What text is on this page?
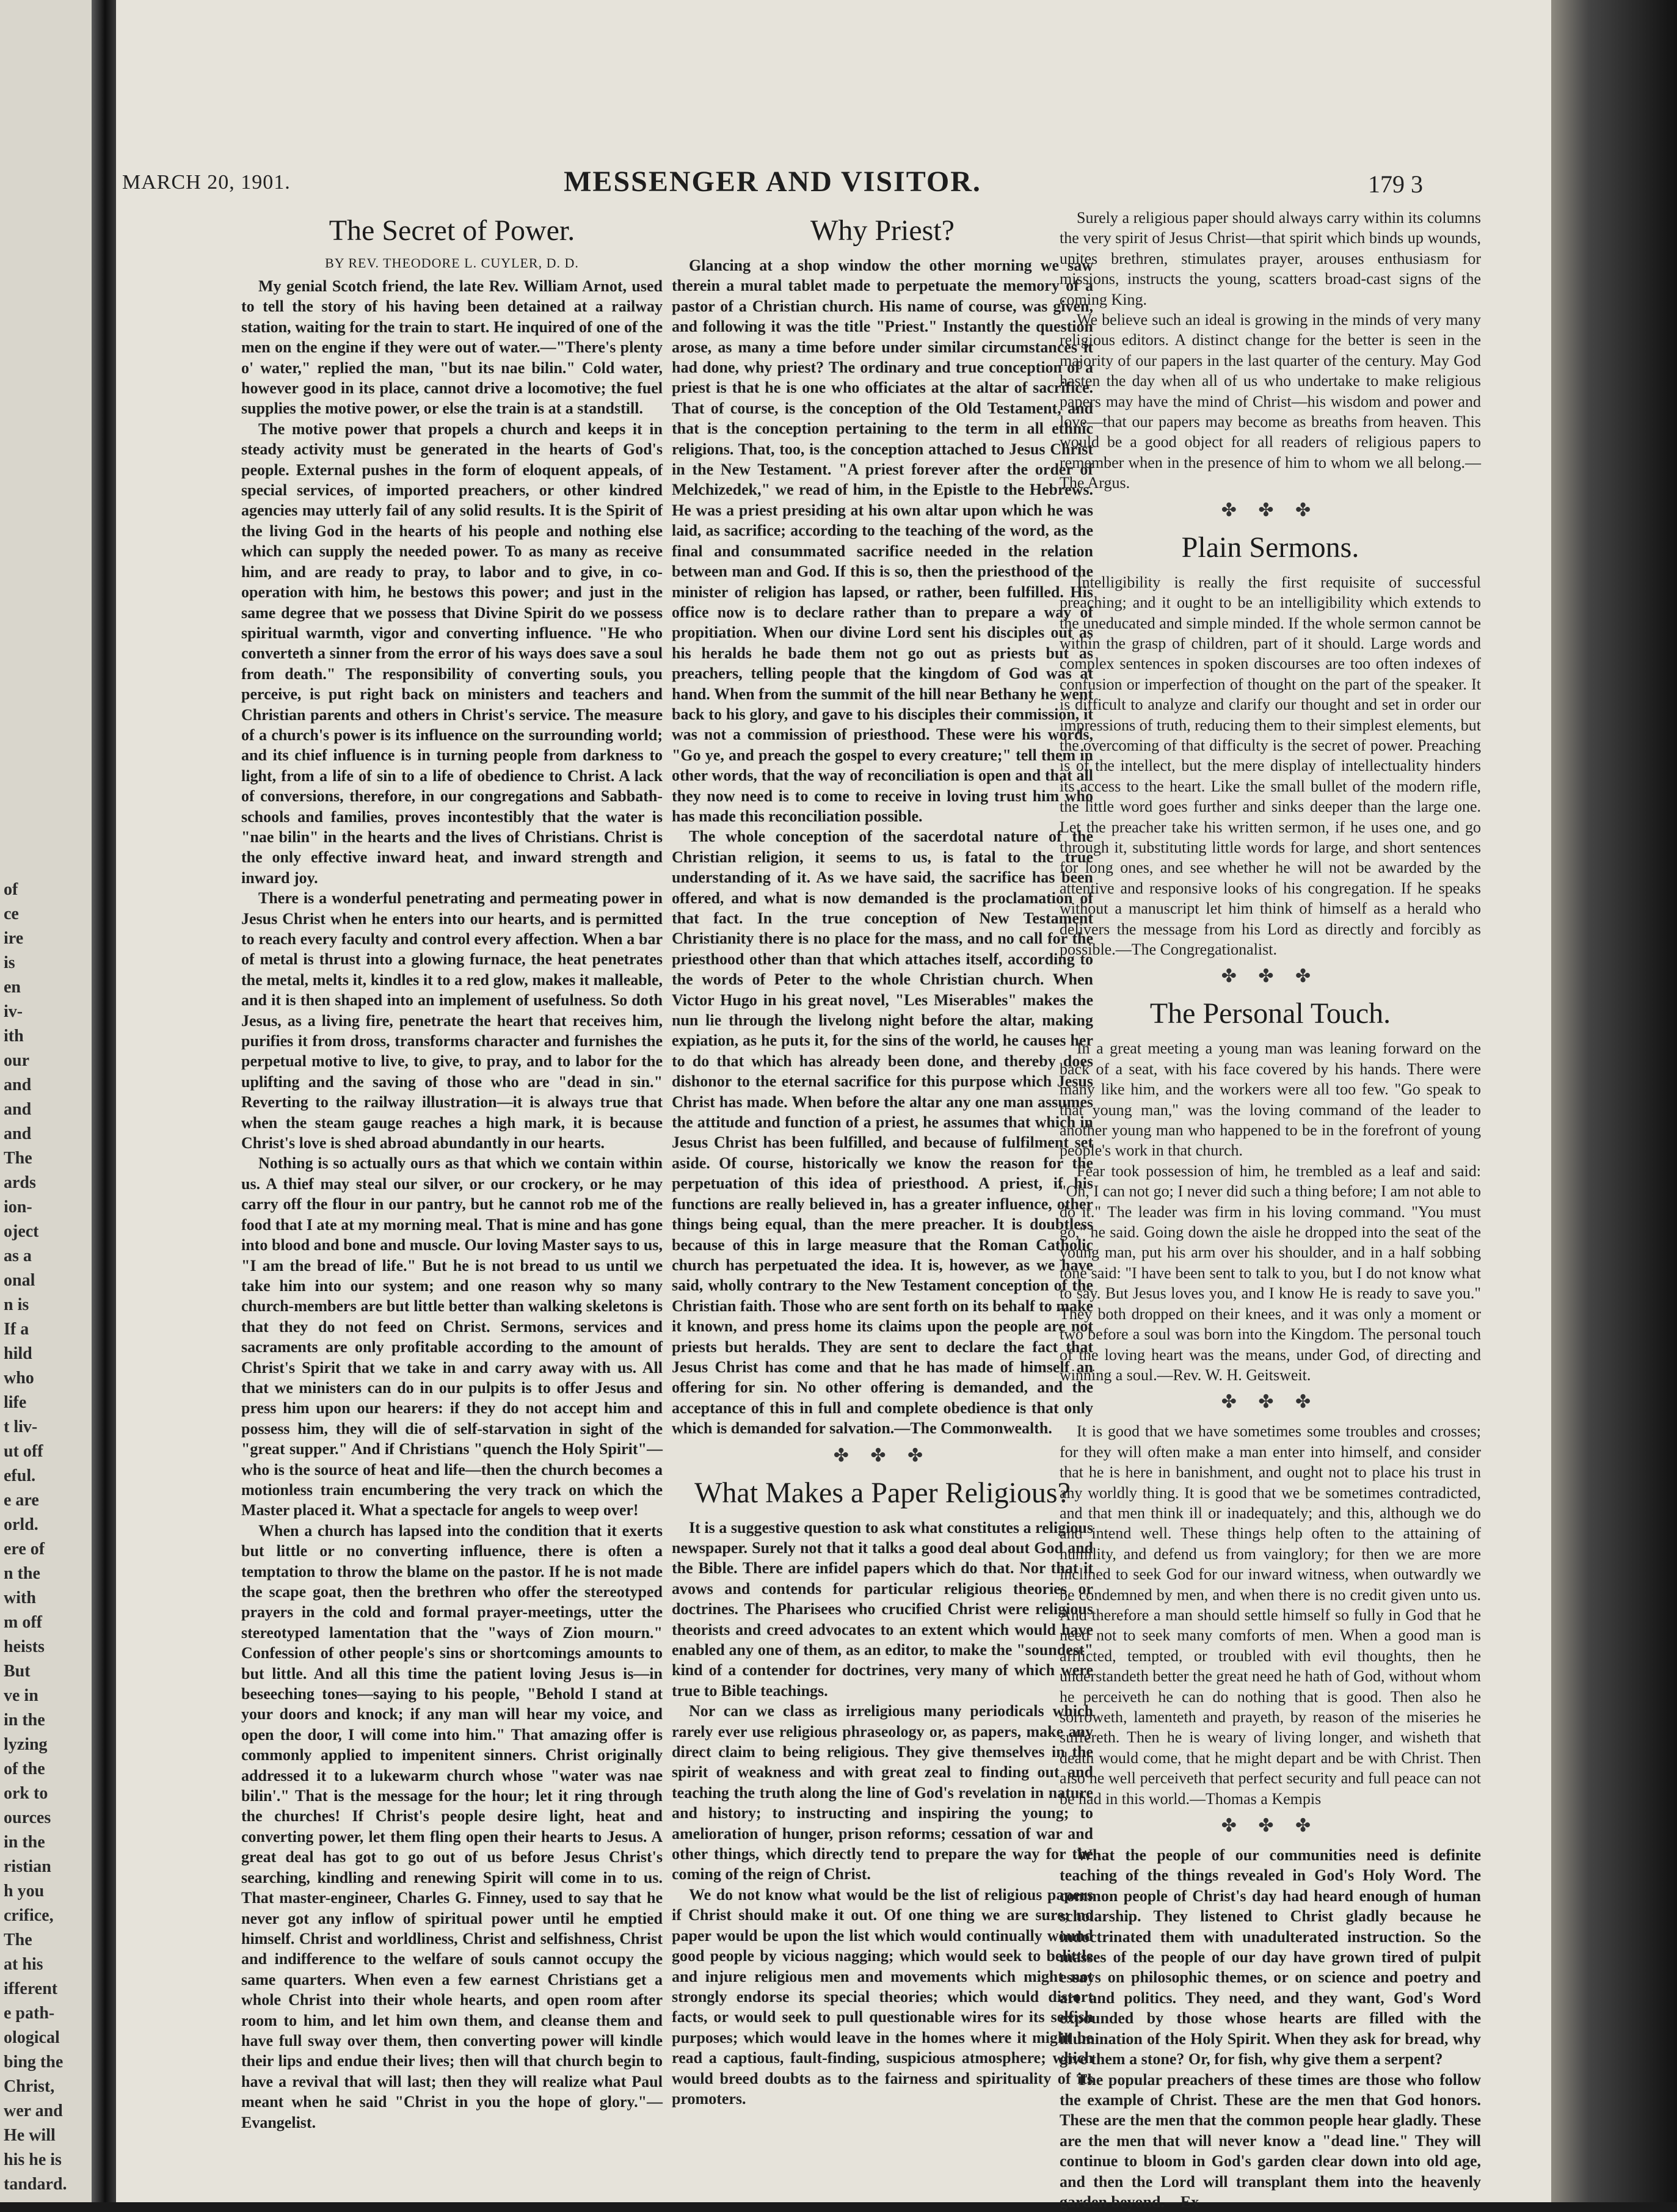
of
ce
ire
is
en
iv-
ith
our
and
and
and
The
ards
ion-
oject
as a
onal
n is
If a
hild
who
life
t liv-
ut off
eful.
e are
orld.
ere of
n the
with
m off
heists
But
ve in
in the
lyzing
of the
ork to
ources
in the
ristian
h you
crifice,
The
at his
ifferent
e path-
ological
bing the
Christ,
wer and
He will
his he is
tandard.
MARCH 20, 1901.	MESSENGER AND VISITOR.	179 3
The Secret of Power.
BY REV. THEODORE L. CUYLER, D. D.

My genial Scotch friend, the late Rev. William Arnot, used to tell the story of his having been detained at a railway station, waiting for the train to start. He inquired of one of the men on the engine if they were out of water.—"There's plenty o' water," replied the man, "but its nae bilin." Cold water, however good in its place, cannot drive a locomotive; the fuel supplies the motive power, or else the train is at a standstill.

The motive power that propels a church and keeps it in steady activity must be generated in the hearts of God's people. External pushes in the form of eloquent appeals, of special services, of imported preachers, or other kindred agencies may utterly fail of any solid results. It is the Spirit of the living God in the hearts of his people and nothing else which can supply the needed power. To as many as receive him, and are ready to pray, to labor and to give, in co-operation with him, he bestows this power; and just in the same degree that we possess that Divine Spirit do we possess spiritual warmth, vigor and converting influence. "He who converteth a sinner from the error of his ways does save a soul from death." The responsibility of converting souls, you perceive, is put right back on ministers and teachers and Christian parents and others in Christ's service. The measure of a church's power is its influence on the surrounding world; and its chief influence is in turning people from darkness to light, from a life of sin to a life of obedience to Christ. A lack of conversions, therefore, in our congregations and Sabbath-schools and families, proves incontestibly that the water is "nae bilin" in the hearts and the lives of Christians. Christ is the only effective inward heat, and inward strength and inward joy.

There is a wonderful penetrating and permeating power in Jesus Christ when he enters into our hearts, and is permitted to reach every faculty and control every affection. When a bar of metal is thrust into a glowing furnace, the heat penetrates the metal, melts it, kindles it to a red glow, makes it malleable, and it is then shaped into an implement of usefulness. So doth Jesus, as a living fire, penetrate the heart that receives him, purifies it from dross, transforms character and furnishes the perpetual motive to live, to give, to pray, and to labor for the uplifting and the saving of those who are "dead in sin." Reverting to the railway illustration—it is always true that when the steam gauge reaches a high mark, it is because Christ's love is shed abroad abundantly in our hearts.

Nothing is so actually ours as that which we contain within us. A thief may steal our silver, or our crockery, or he may carry off the flour in our pantry, but he cannot rob me of the food that I ate at my morning meal. That is mine and has gone into blood and bone and muscle. Our loving Master says to us, "I am the bread of life." But he is not bread to us until we take him into our system; and one reason why so many church-members are but little better than walking skeletons is that they do not feed on Christ. Sermons, services and sacraments are only profitable according to the amount of Christ's Spirit that we take in and carry away with us. All that we ministers can do in our pulpits is to offer Jesus and press him upon our hearers: if they do not accept him and possess him, they will die of self-starvation in sight of the "great supper." And if Christians "quench the Holy Spirit"—who is the source of heat and life—then the church becomes a motionless train encumbering the very track on which the Master placed it. What a spectacle for angels to weep over!

When a church has lapsed into the condition that it exerts but little or no converting influence, there is often a temptation to throw the blame on the pastor. If he is not made the scape goat, then the brethren who offer the stereotyped prayers in the cold and formal prayer-meetings, utter the stereotyped lamentation that the "ways of Zion mourn." Confession of other people's sins or shortcomings amounts to but little. And all this time the patient loving Jesus is—in beseeching tones—saying to his people, "Behold I stand at your doors and knock; if any man will hear my voice, and open the door, I will come into him." That amazing offer is commonly applied to impenitent sinners. Christ originally addressed it to a lukewarm church whose "water was nae bilin'." That is the message for the hour; let it ring through the churches! If Christ's people desire light, heat and converting power, let them fling open their hearts to Jesus. A great deal has got to go out of us before Jesus Christ's searching, kindling and renewing Spirit will come in to us. That master-engineer, Charles G. Finney, used to say that he never got any inflow of spiritual power until he emptied himself. Christ and worldliness, Christ and selfishness, Christ and indifference to the welfare of souls cannot occupy the same quarters. When even a few earnest Christians get a whole Christ into their whole hearts, and open room after room to him, and let him own them, and cleanse them and have full sway over them, then converting power will kindle their lips and endue their lives; then will that church begin to have a revival that will last; then they will realize what Paul meant when he said "Christ in you the hope of glory."—Evangelist.

Why Priest?

Glancing at a shop window the other morning we saw therein a mural tablet made to perpetuate the memory of a pastor of a Christian church. His name of course, was given, and following it was the title "Priest." Instantly the question arose, as many a time before under similar circumstances it had done, why priest? The ordinary and true conception of a priest is that he is one who officiates at the altar of sacrifice. That of course, is the conception of the Old Testament, and that is the conception pertaining to the term in all ethnic religions. That, too, is the conception attached to Jesus Christ in the New Testament. "A priest forever after the order of Melchizedek," we read of him, in the Epistle to the Hebrews. He was a priest presiding at his own altar upon which he was laid, as sacrifice; according to the teaching of the word, as the final and consummated sacrifice needed in the relation between man and God. If this is so, then the priesthood of the minister of religion has lapsed, or rather, been fulfilled. His office now is to declare rather than to prepare a way of propitiation. When our divine Lord sent his disciples out as his heralds he bade them not go out as priests but as preachers, telling people that the kingdom of God was at hand. When from the summit of the hill near Bethany he went back to his glory, and gave to his disciples their commission, it was not a commission of priesthood. These were his words, "Go ye, and preach the gospel to every creature;" tell them in other words, that the way of reconciliation is open and that all they now need is to come to receive in loving trust him who has made this reconciliation possible.

The whole conception of the sacerdotal nature of the Christian religion, it seems to us, is fatal to the true understanding of it. As we have said, the sacrifice has been offered, and what is now demanded is the proclamation of that fact. In the true conception of New Testament Christianity there is no place for the mass, and no call for the priesthood other than that which attaches itself, according to the words of Peter to the whole Christian church. When Victor Hugo in his great novel, "Les Miserables" makes the nun lie through the livelong night before the altar, making expiation, as he puts it, for the sins of the world, he causes her to do that which has already been done, and thereby does dishonor to the eternal sacrifice for this purpose which Jesus Christ has made. When before the altar any one man assumes the attitude and function of a priest, he assumes that which in Jesus Christ has been fulfilled, and because of fulfilment set aside. Of course, historically we know the reason for the perpetuation of this idea of priesthood. A priest, if his functions are really believed in, has a greater influence, other things being equal, than the mere preacher. It is doubtless because of this in large measure that the Roman Catholic church has perpetuated the idea. It is, however, as we have said, wholly contrary to the New Testament conception of the Christian faith. Those who are sent forth on its behalf to make it known, and press home its claims upon the people are not priests but heralds. They are sent to declare the fact that Jesus Christ has come and that he has made of himself an offering for sin. No other offering is demanded, and the acceptance of this in full and complete obedience is that only which is demanded for salvation.—The Commonwealth.

✤ ✤ ✤
What Makes a Paper Religious?

It is a suggestive question to ask what constitutes a religious newspaper. Surely not that it talks a good deal about God and the Bible. There are infidel papers which do that. Nor that it avows and contends for particular religious theories or doctrines. The Pharisees who crucified Christ were religious theorists and creed advocates to an extent which would have enabled any one of them, as an editor, to make the "soundest" kind of a contender for doctrines, very many of which were true to Bible teachings.

Nor can we class as irreligious many periodicals which rarely ever use religious phraseology or, as papers, make any direct claim to being religious. They give themselves in the spirit of weakness and with great zeal to finding out and teaching the truth along the line of God's revelation in nature and history; to instructing and inspiring the young; to amelioration of hunger, prison reforms; cessation of war and other things, which directly tend to prepare the way for the coming of the reign of Christ.

We do not know what would be the list of religious papers if Christ should make it out. Of one thing we are sure; no paper would be upon the list which would continually wound good people by vicious nagging; which would seek to belittle and injure religious men and movements which might not strongly endorse its special theories; which would distort facts, or would seek to pull questionable wires for its selfish purposes; which would leave in the homes where it might be read a captious, fault-finding, suspicious atmosphere; which would breed doubts as to the fairness and spirituality of its promoters.

Surely a religious paper should always carry within its columns the very spirit of Jesus Christ—that spirit which binds up wounds, unites brethren, stimulates prayer, arouses enthusiasm for missions, instructs the young, scatters broad-cast signs of the coming King.

We believe such an ideal is growing in the minds of very many religious editors. A distinct change for the better is seen in the majority of our papers in the last quarter of the century. May God hasten the day when all of us who undertake to make religious papers may have the mind of Christ—his wisdom and power and love—that our papers may become as breaths from heaven. This would be a good object for all readers of religious papers to remember when in the presence of him to whom we all belong.—The Argus.

✤ ✤ ✤
Plain Sermons.

Intelligibility is really the first requisite of successful preaching; and it ought to be an intelligibility which extends to the uneducated and simple minded. If the whole sermon cannot be within the grasp of children, part of it should. Large words and complex sentences in spoken discourses are too often indexes of confusion or imperfection of thought on the part of the speaker. It is difficult to analyze and clarify our thought and set in order our impressions of truth, reducing them to their simplest elements, but the overcoming of that difficulty is the secret of power. Preaching is of the intellect, but the mere display of intellectuality hinders its access to the heart. Like the small bullet of the modern rifle, the little word goes further and sinks deeper than the large one. Let the preacher take his written sermon, if he uses one, and go through it, substituting little words for large, and short sentences for long ones, and see whether he will not be awarded by the attentive and responsive looks of his congregation. If he speaks without a manuscript let him think of himself as a herald who delivers the message from his Lord as directly and forcibly as possible.—The Congregationalist.

✤ ✤ ✤
The Personal Touch.

In a great meeting a young man was leaning forward on the back of a seat, with his face covered by his hands. There were many like him, and the workers were all too few. "Go speak to that young man," was the loving command of the leader to another young man who happened to be in the forefront of young people's work in that church.

Fear took possession of him, he trembled as a leaf and said: "Oh, I can not go; I never did such a thing before; I am not able to do it." The leader was firm in his loving command. "You must go," he said. Going down the aisle he dropped into the seat of the young man, put his arm over his shoulder, and in a half sobbing tone said: "I have been sent to talk to you, but I do not know what to say. But Jesus loves you, and I know He is ready to save you." They both dropped on their knees, and it was only a moment or two before a soul was born into the Kingdom. The personal touch of the loving heart was the means, under God, of directing and winning a soul.—Rev. W. H. Geitsweit.

✤ ✤ ✤

It is good that we have sometimes some troubles and crosses; for they will often make a man enter into himself, and consider that he is here in banishment, and ought not to place his trust in any worldly thing. It is good that we be sometimes contradicted, and that men think ill or inadequately; and this, although we do and intend well. These things help often to the attaining of humility, and defend us from vainglory; for then we are more inclined to seek God for our inward witness, when outwardly we be condemned by men, and when there is no credit given unto us. And therefore a man should settle himself so fully in God that he need not to seek many comforts of men. When a good man is afflicted, tempted, or troubled with evil thoughts, then he understandeth better the great need he hath of God, without whom he perceiveth he can do nothing that is good. Then also he sorroweth, lamenteth and prayeth, by reason of the miseries he suffereth. Then he is weary of living longer, and wisheth that death would come, that he might depart and be with Christ. Then also he well perceiveth that perfect security and full peace can not be had in this world.—Thomas a Kempis

✤ ✤ ✤

What the people of our communities need is definite teaching of the things revealed in God's Holy Word. The common people of Christ's day had heard enough of human scholarship. They listened to Christ gladly because he indoctrinated them with unadulterated instruction. So the masses of the people of our day have grown tired of pulpit essays on philosophic themes, or on science and poetry and art and politics. They need, and they want, God's Word expounded by those whose hearts are filled with the illumination of the Holy Spirit. When they ask for bread, why give them a stone? Or, for fish, why give them a serpent?

The popular preachers of these times are those who follow the example of Christ. These are the men that God honors. These are the men that the common people hear gladly. These are the men that will never know a "dead line." They will continue to bloom in God's garden clear down into old age, and then the Lord will transplant them into the heavenly garden beyond.—Ex
